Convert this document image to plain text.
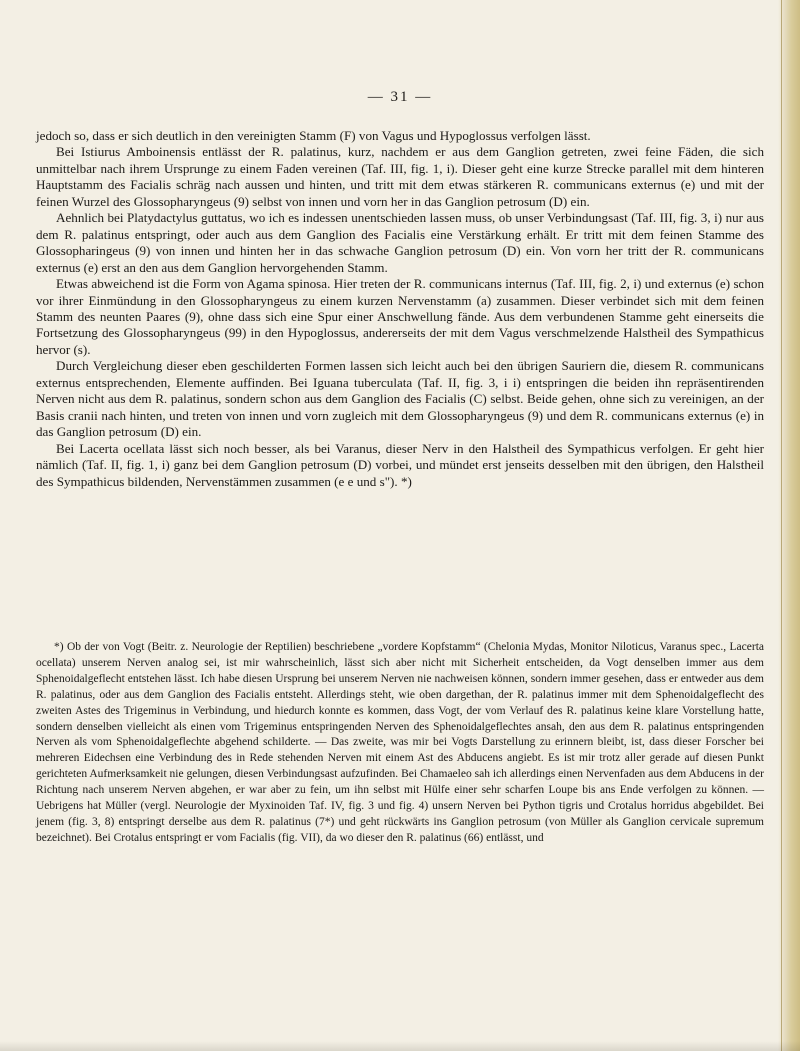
— 31 —

jedoch so, dass er sich deutlich in den vereinigten Stamm (F) von Vagus und Hypoglossus verfolgen lässt.

Bei Istiurus Amboinensis entlässt der R. palatinus, kurz, nachdem er aus dem Ganglion getreten, zwei feine Fäden, die sich unmittelbar nach ihrem Ursprunge zu einem Faden vereinen (Taf. III, fig. 1, i). Dieser geht eine kurze Strecke parallel mit dem hinteren Hauptstamm des Facialis schräg nach aussen und hinten, und tritt mit dem etwas stärkeren R. communicans externus (e) und mit der feinen Wurzel des Glossopharyngeus (9) selbst von innen und vorn her in das Ganglion petrosum (D) ein.

Aehnlich bei Platydactylus guttatus, wo ich es indessen unentschieden lassen muss, ob unser Verbindungsast (Taf. III, fig. 3, i) nur aus dem R. palatinus entspringt, oder auch aus dem Ganglion des Facialis eine Verstärkung erhält. Er tritt mit dem feinen Stamme des Glossopharingeus (9) von innen und hinten her in das schwache Ganglion petrosum (D) ein. Von vorn her tritt der R. communicans externus (e) erst an den aus dem Ganglion hervorgehenden Stamm.

Etwas abweichend ist die Form von Agama spinosa. Hier treten der R. communicans internus (Taf. III, fig. 2, i) und externus (e) schon vor ihrer Einmündung in den Glossopharyngeus zu einem kurzen Nervenstamm (a) zusammen. Dieser verbindet sich mit dem feinen Stamm des neunten Paares (9), ohne dass sich eine Spur einer Anschwellung fände. Aus dem verbundenen Stamme geht einerseits die Fortsetzung des Glossopharyngeus (99) in den Hypoglossus, andererseits der mit dem Vagus verschmelzende Halstheil des Sympathicus hervor (s).

Durch Vergleichung dieser eben geschilderten Formen lassen sich leicht auch bei den übrigen Sauriern die, diesem R. communicans externus entsprechenden, Elemente auffinden. Bei Iguana tuberculata (Taf. II, fig. 3, i i) entspringen die beiden ihn repräsentirenden Nerven nicht aus dem R. palatinus, sondern schon aus dem Ganglion des Facialis (C) selbst. Beide gehen, ohne sich zu vereinigen, an der Basis cranii nach hinten, und treten von innen und vorn zugleich mit dem Glossopharyngeus (9) und dem R. communicans externus (e) in das Ganglion petrosum (D) ein.

Bei Lacerta ocellata lässt sich noch besser, als bei Varanus, dieser Nerv in den Halstheil des Sympathicus verfolgen. Er geht hier nämlich (Taf. II, fig. 1, i) ganz bei dem Ganglion petrosum (D) vorbei, und mündet erst jenseits desselben mit den übrigen, den Halstheil des Sympathicus bildenden, Nervenstämmen zusammen (e e und s"). *)

*) Ob der von Vogt (Beitr. z. Neurologie der Reptilien) beschriebene „vordere Kopfstamm“ (Chelonia Mydas, Monitor Niloticus, Varanus spec., Lacerta ocellata) unserem Nerven analog sei, ist mir wahrscheinlich, lässt sich aber nicht mit Sicherheit entscheiden, da Vogt denselben immer aus dem Sphenoidalgeflecht entstehen lässt. Ich habe diesen Ursprung bei unserem Nerven nie nachweisen können, sondern immer gesehen, dass er entweder aus dem R. palatinus, oder aus dem Ganglion des Facialis entsteht. Allerdings steht, wie oben dargethan, der R. palatinus immer mit dem Sphenoidalgeflecht des zweiten Astes des Trigeminus in Verbindung, und hiedurch konnte es kommen, dass Vogt, der vom Verlauf des R. palatinus keine klare Vorstellung hatte, sondern denselben vielleicht als einen vom Trigeminus entspringenden Nerven des Sphenoidalgeflechtes ansah, den aus dem R. palatinus entspringenden Nerven als vom Sphenoidalgeflechte abgehend schilderte. — Das zweite, was mir bei Vogts Darstellung zu erinnern bleibt, ist, dass dieser Forscher bei mehreren Eidechsen eine Verbindung des in Rede stehenden Nerven mit einem Ast des Abducens angiebt. Es ist mir trotz aller gerade auf diesen Punkt gerichteten Aufmerksamkeit nie gelungen, diesen Verbindungsast aufzufinden. Bei Chamaeleo sah ich allerdings einen Nervenfaden aus dem Abducens in der Richtung nach unserem Nerven abgehen, er war aber zu fein, um ihn selbst mit Hülfe einer sehr scharfen Loupe bis ans Ende verfolgen zu können. — Uebrigens hat Müller (vergl. Neurologie der Myxinoiden Taf. IV, fig. 3 und fig. 4) unsern Nerven bei Python tigris und Crotalus horridus abgebildet. Bei jenem (fig. 3, 8) entspringt derselbe aus dem R. palatinus (7*) und geht rückwärts ins Ganglion petrosum (von Müller als Ganglion cervicale supremum bezeichnet). Bei Crotalus entspringt er vom Facialis (fig. VII), da wo dieser den R. palatinus (66) entlässt, und
